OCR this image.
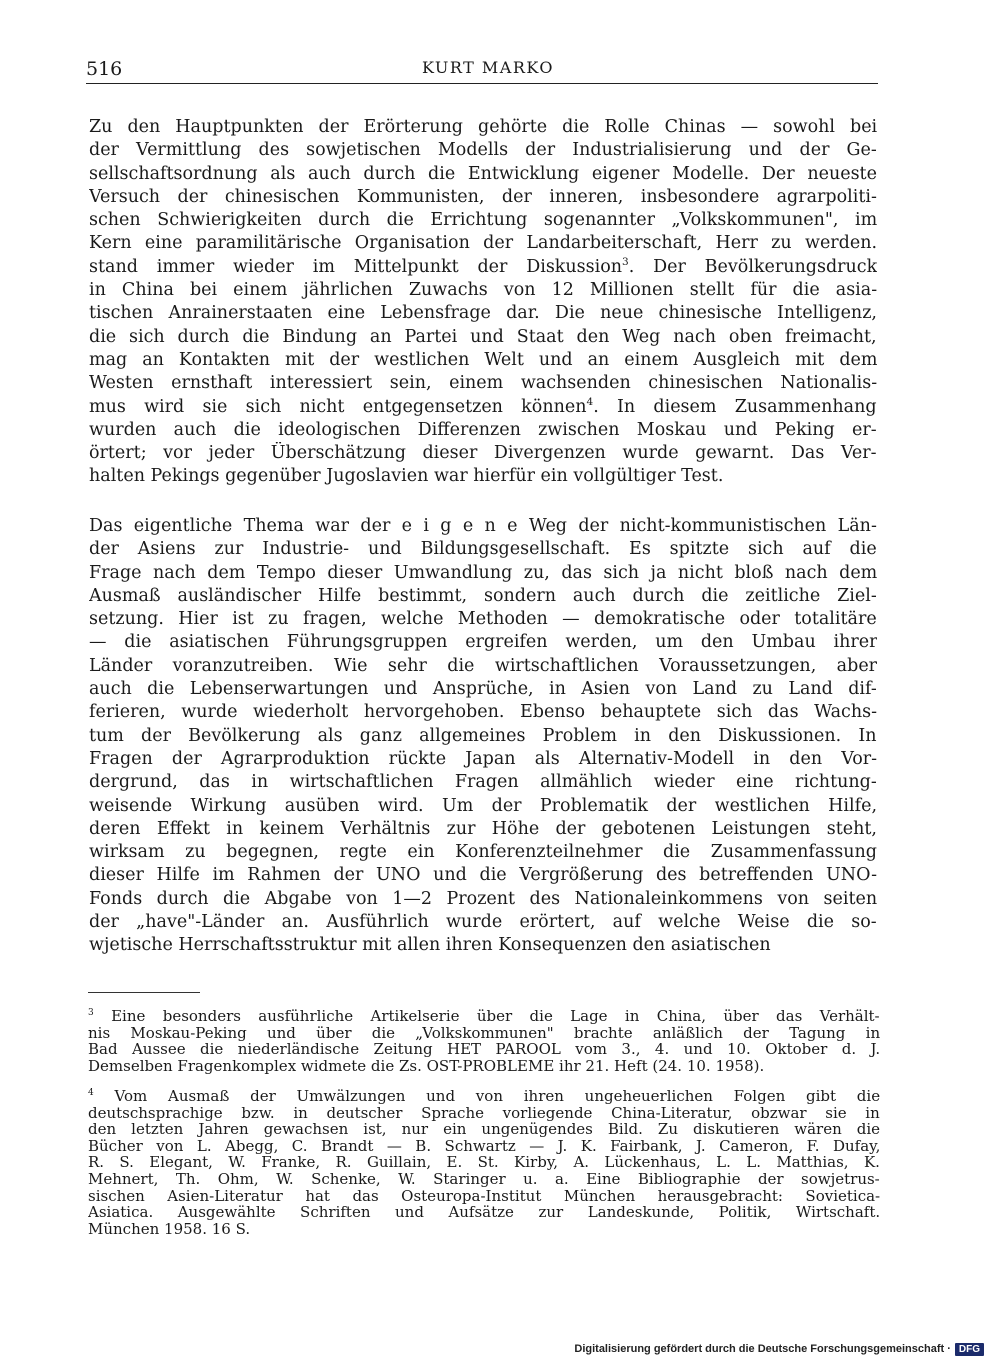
516	KURT MARKO
Zu den Hauptpunkten der Erörterung gehörte die Rolle Chinas — sowohl bei
der Vermittlung des sowjetischen Modells der Industrialisierung und der Ge-
sellschaftsordnung als auch durch die Entwicklung eigener Modelle. Der neueste
Versuch der chinesischen Kommunisten, der inneren, insbesondere agrarpoliti-
schen Schwierigkeiten durch die Errichtung sogenannter „Volkskommunen", im
Kern eine paramilitärische Organisation der Landarbeiterschaft, Herr zu werden.
stand immer wieder im Mittelpunkt der Diskussion$^3$. Der Bevölkerungsdruck
in China bei einem jährlichen Zuwachs von 12 Millionen stellt für die asia-
tischen Anrainerstaaten eine Lebensfrage dar. Die neue chinesische Intelligenz,
die sich durch die Bindung an Partei und Staat den Weg nach oben freimacht,
mag an Kontakten mit der westlichen Welt und an einem Ausgleich mit dem
Westen ernsthaft interessiert sein, einem wachsenden chinesischen Nationalis-
mus wird sie sich nicht entgegensetzen können$^4$. In diesem Zusammenhang
wurden auch die ideologischen Differenzen zwischen Moskau und Peking er-
örtert; vor jeder Überschätzung dieser Divergenzen wurde gewarnt. Das Ver-
halten Pekings gegenüber Jugoslavien war hierfür ein vollgültiger Test.
Das eigentliche Thema war der e i g e n e Weg der nicht-kommunistischen Län-
der Asiens zur Industrie- und Bildungsgesellschaft. Es spitzte sich auf die
Frage nach dem Tempo dieser Umwandlung zu, das sich ja nicht bloß nach dem
Ausmaß ausländischer Hilfe bestimmt, sondern auch durch die zeitliche Ziel-
setzung. Hier ist zu fragen, welche Methoden — demokratische oder totalitäre
— die asiatischen Führungsgruppen ergreifen werden, um den Umbau ihrer
Länder voranzutreiben. Wie sehr die wirtschaftlichen Voraussetzungen, aber
auch die Lebenserwartungen und Ansprüche, in Asien von Land zu Land dif-
ferieren, wurde wiederholt hervorgehoben. Ebenso behauptete sich das Wachs-
tum der Bevölkerung als ganz allgemeines Problem in den Diskussionen. In
Fragen der Agrarproduktion rückte Japan als Alternativ-Modell in den Vor-
dergrund, das in wirtschaftlichen Fragen allmählich wieder eine richtung-
weisende Wirkung ausüben wird. Um der Problematik der westlichen Hilfe,
deren Effekt in keinem Verhältnis zur Höhe der gebotenen Leistungen steht,
wirksam zu begegnen, regte ein Konferenzteilnehmer die Zusammenfassung
dieser Hilfe im Rahmen der UNO und die Vergrößerung des betreffenden UNO-
Fonds durch die Abgabe von 1—2 Prozent des Nationaleinkommens von seiten
der „have"-Länder an. Ausführlich wurde erörtert, auf welche Weise die so-
wjetische Herrschaftsstruktur mit allen ihren Konsequenzen den asiatischen
$^3$ Eine besonders ausführliche Artikelserie über die Lage in China, über das Verhält-
nis Moskau-Peking und über die „Volkskommunen" brachte anläßlich der Tagung in
Bad Aussee die niederländische Zeitung HET PAROOL vom 3., 4. und 10. Oktober d. J.
Demselben Fragenkomplex widmete die Zs. OST-PROBLEME ihr 21. Heft (24. 10. 1958).
$^4$ Vom Ausmaß der Umwälzungen und von ihren ungeheuerlichen Folgen gibt die
deutschsprachige bzw. in deutscher Sprache vorliegende China-Literatur, obzwar sie in
den letzten Jahren gewachsen ist, nur ein ungenügendes Bild. Zu diskutieren wären die
Bücher von L. Abegg, C. Brandt — B. Schwartz — J. K. Fairbank, J. Cameron, F. Dufay,
R. S. Elegant, W. Franke, R. Guillain, E. St. Kirby, A. Lückenhaus, L. L. Matthias, K.
Mehnert, Th. Ohm, W. Schenke, W. Staringer u. a. Eine Bibliographie der sowjetrus-
sischen Asien-Literatur hat das Osteuropa-Institut München herausgebracht: Sovietica-
Asiatica. Ausgewählte Schriften und Aufsätze zur Landeskunde, Politik, Wirtschaft.
München 1958. 16 S.
Digitalisierung gefördert durch die Deutsche Forschungsgemeinschaft · DFG
